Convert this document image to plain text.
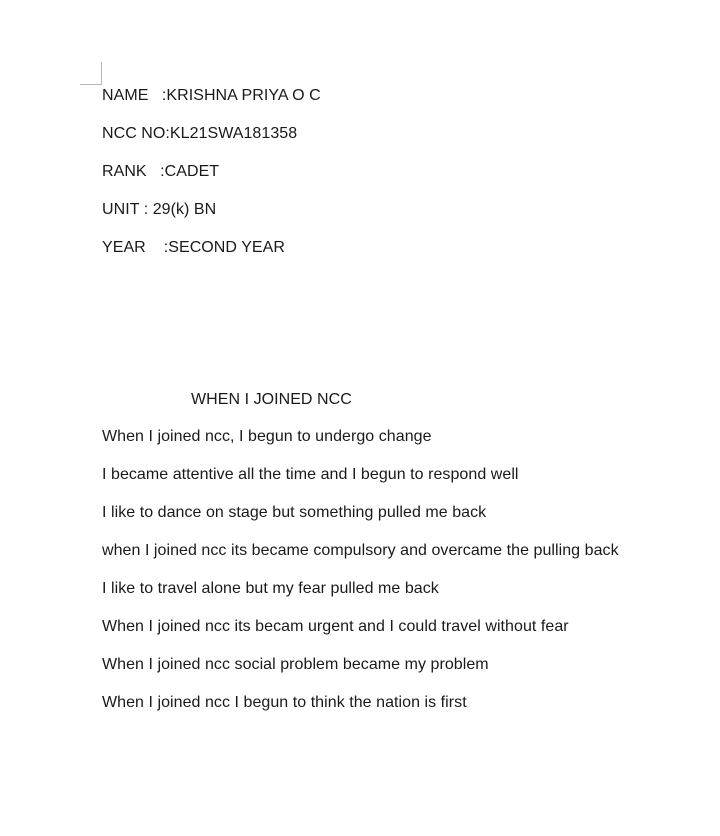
NAME   :KRISHNA PRIYA O C
NCC NO:KL21SWA181358
RANK   :CADET
UNIT : 29(k) BN
YEAR    :SECOND YEAR
WHEN I JOINED NCC
When I joined ncc, I begun to undergo change
I became attentive all the time and I begun to respond well
I like to dance on stage but something pulled me back
when I joined ncc its became compulsory and overcame the pulling back
I like to travel alone but my fear pulled me back
When I joined ncc its becam urgent and I could travel without fear
When I joined ncc social problem became my problem
When I joined ncc I begun to think the nation is first
